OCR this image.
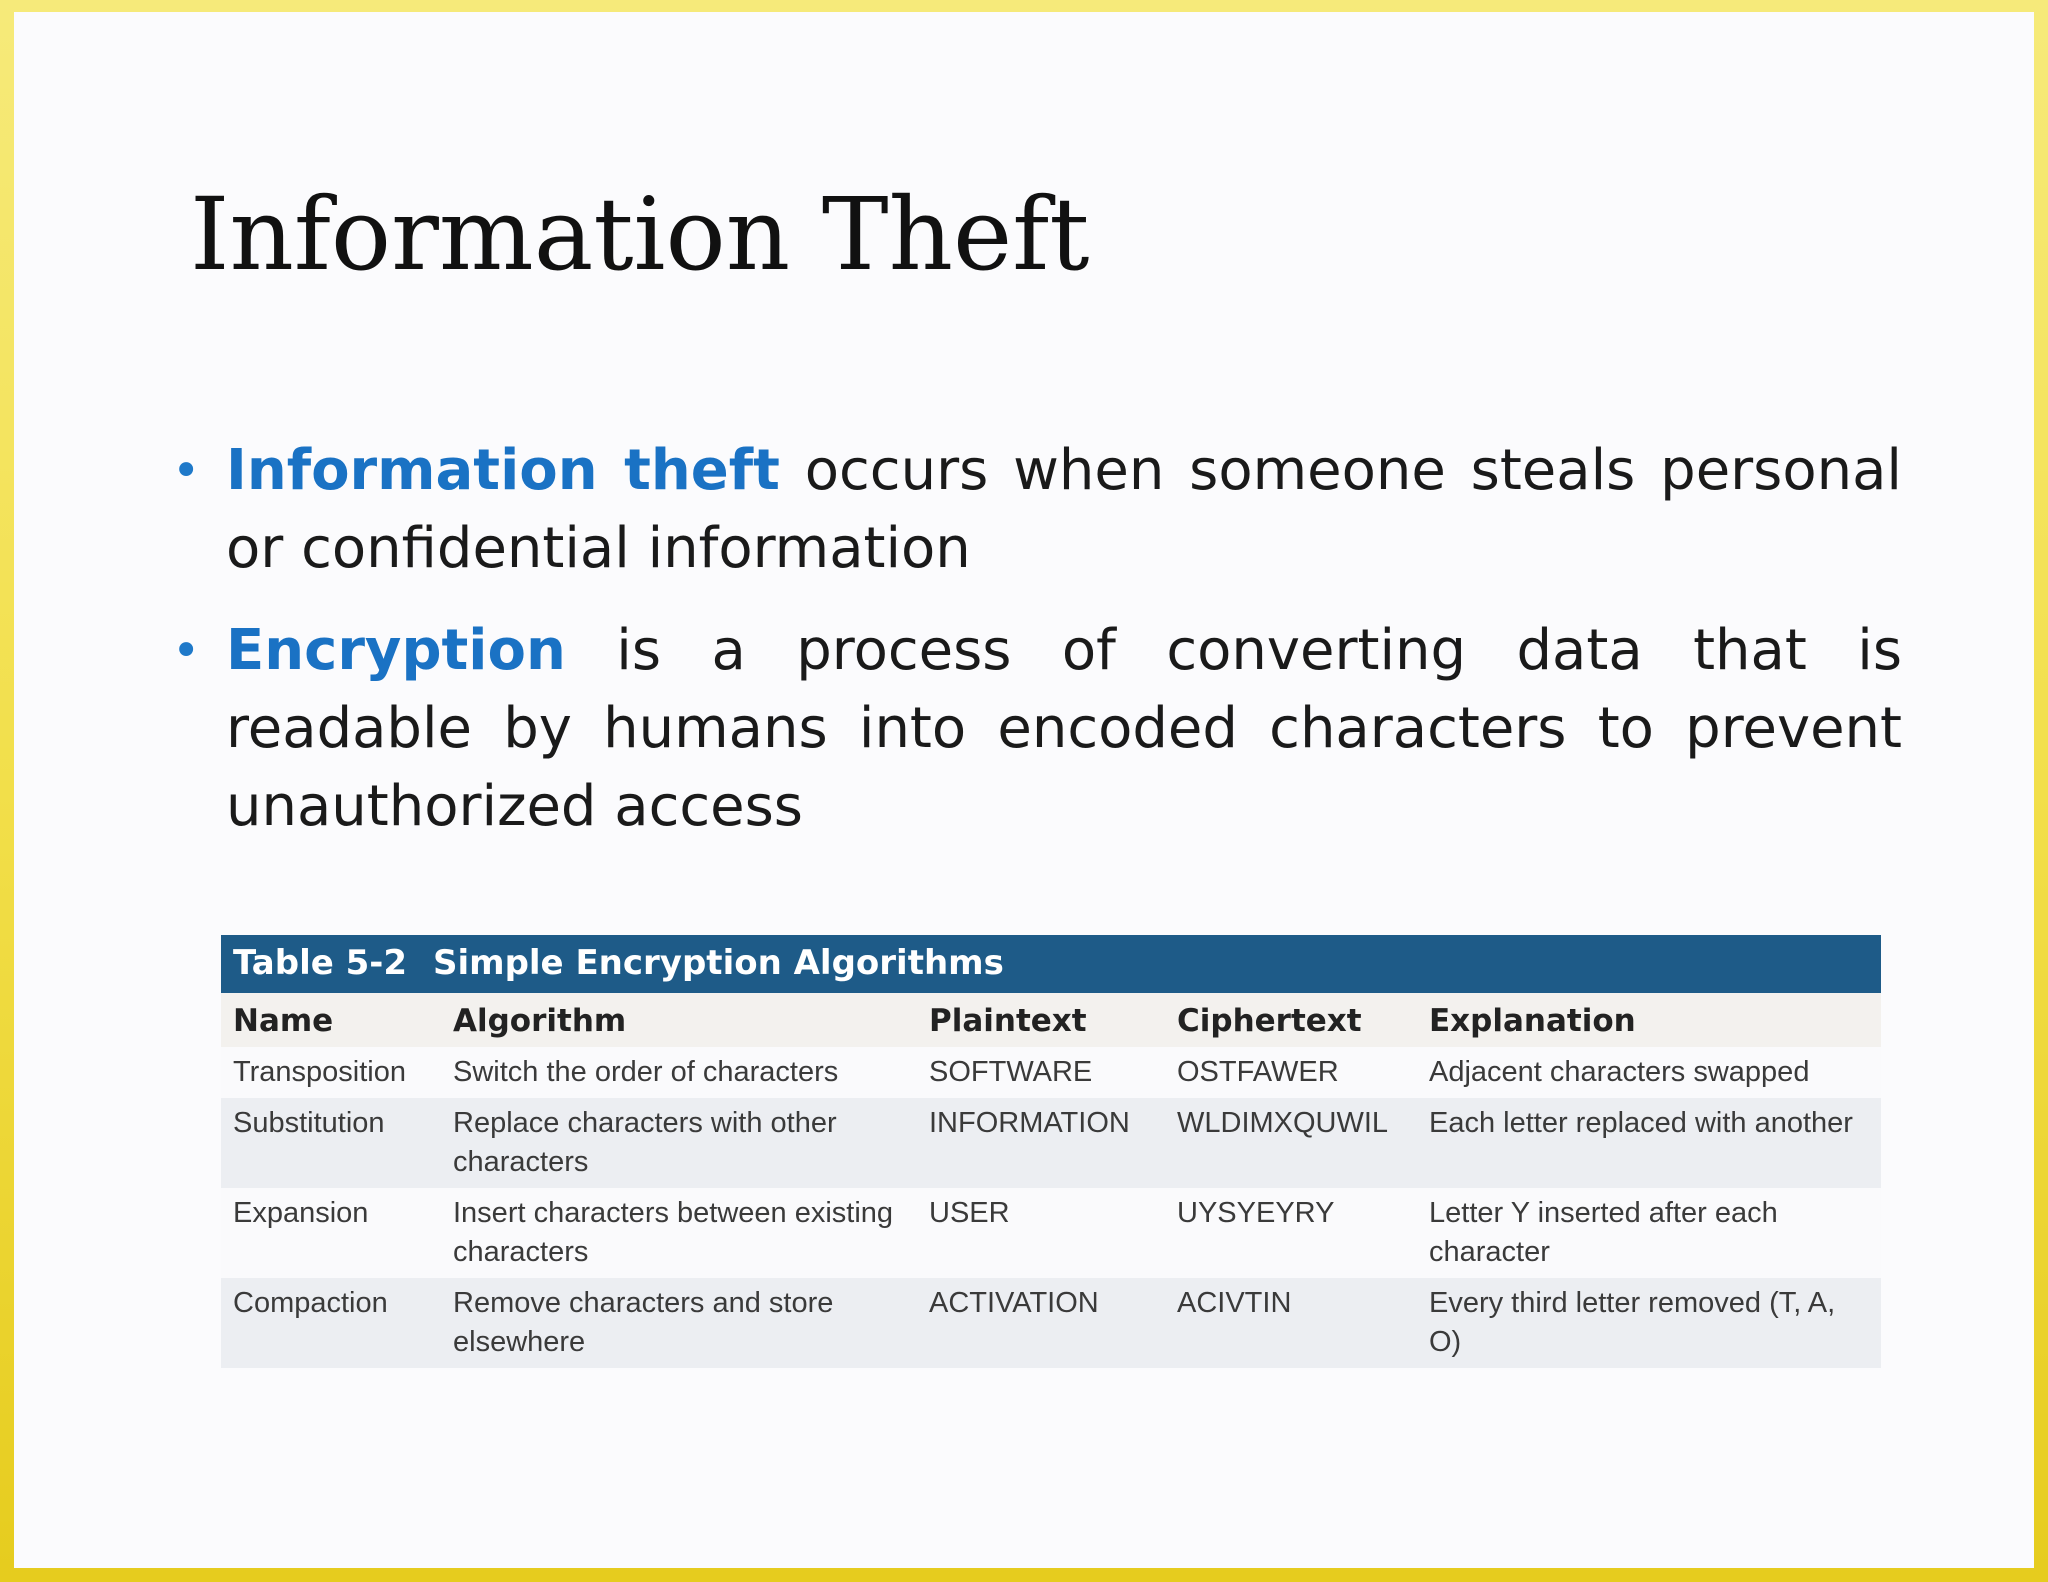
Information Theft
• Information theft occurs when someone steals personal or confidential information
• Encryption is a process of converting data that is readable by humans into encoded characters to prevent unauthorized access
Table 5-2 Simple Encryption Algorithms
Name	Algorithm	Plaintext	Ciphertext	Explanation
Transposition	Switch the order of characters	SOFTWARE	OSTFAWER	Adjacent characters swapped
Substitution	Replace characters with other characters	INFORMATION	WLDIMXQUWIL	Each letter replaced with another
Expansion	Insert characters between existing characters	USER	UYSYEYRY	Letter Y inserted after each character
Compaction	Remove characters and store elsewhere	ACTIVATION	ACIVTIN	Every third letter removed (T, A, O)
